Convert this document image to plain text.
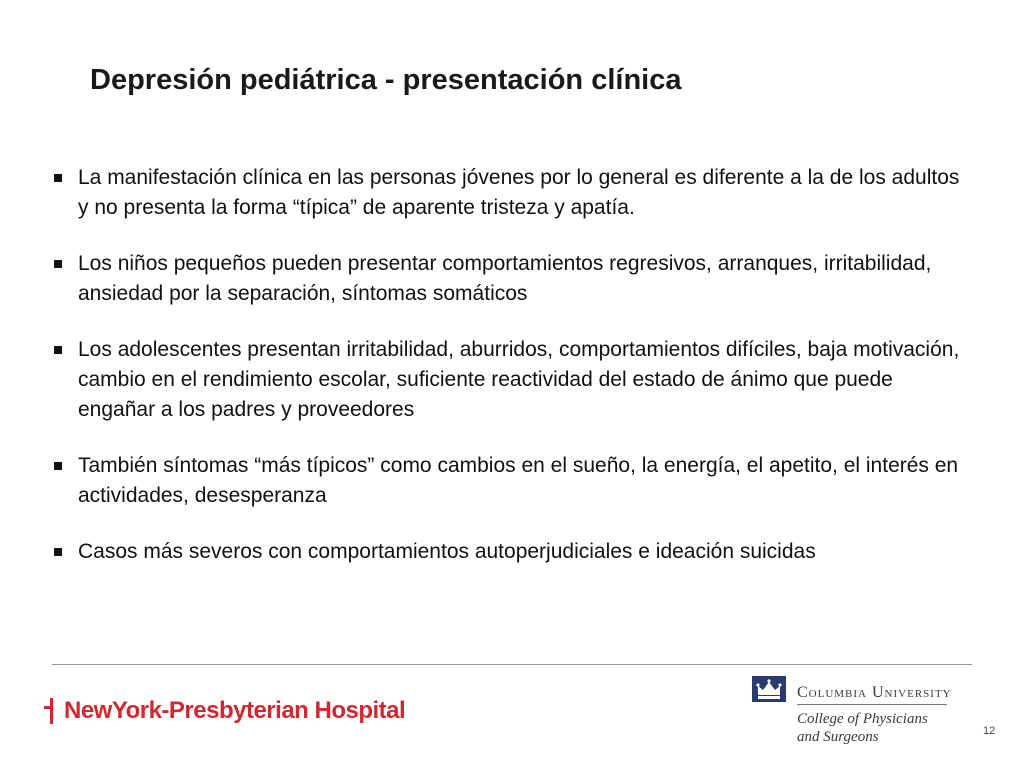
Depresión pediátrica - presentación clínica
La manifestación clínica en las personas jóvenes por lo general es diferente a la de los adultos y no presenta la forma “típica” de aparente tristeza y apatía.
Los niños pequeños pueden presentar comportamientos regresivos, arranques, irritabilidad, ansiedad por la separación, síntomas somáticos
Los adolescentes presentan irritabilidad, aburridos, comportamientos difíciles, baja motivación, cambio en el rendimiento escolar, suficiente reactividad del estado de ánimo que puede engañar a los padres y proveedores
También síntomas “más típicos” como cambios en el sueño, la energía, el apetito, el interés en actividades, desesperanza
Casos más severos con comportamientos autoperjudiciales e ideación suicidas
NewYork-Presbyterian Hospital
Columbia University
College of Physicians
and Surgeons	12
